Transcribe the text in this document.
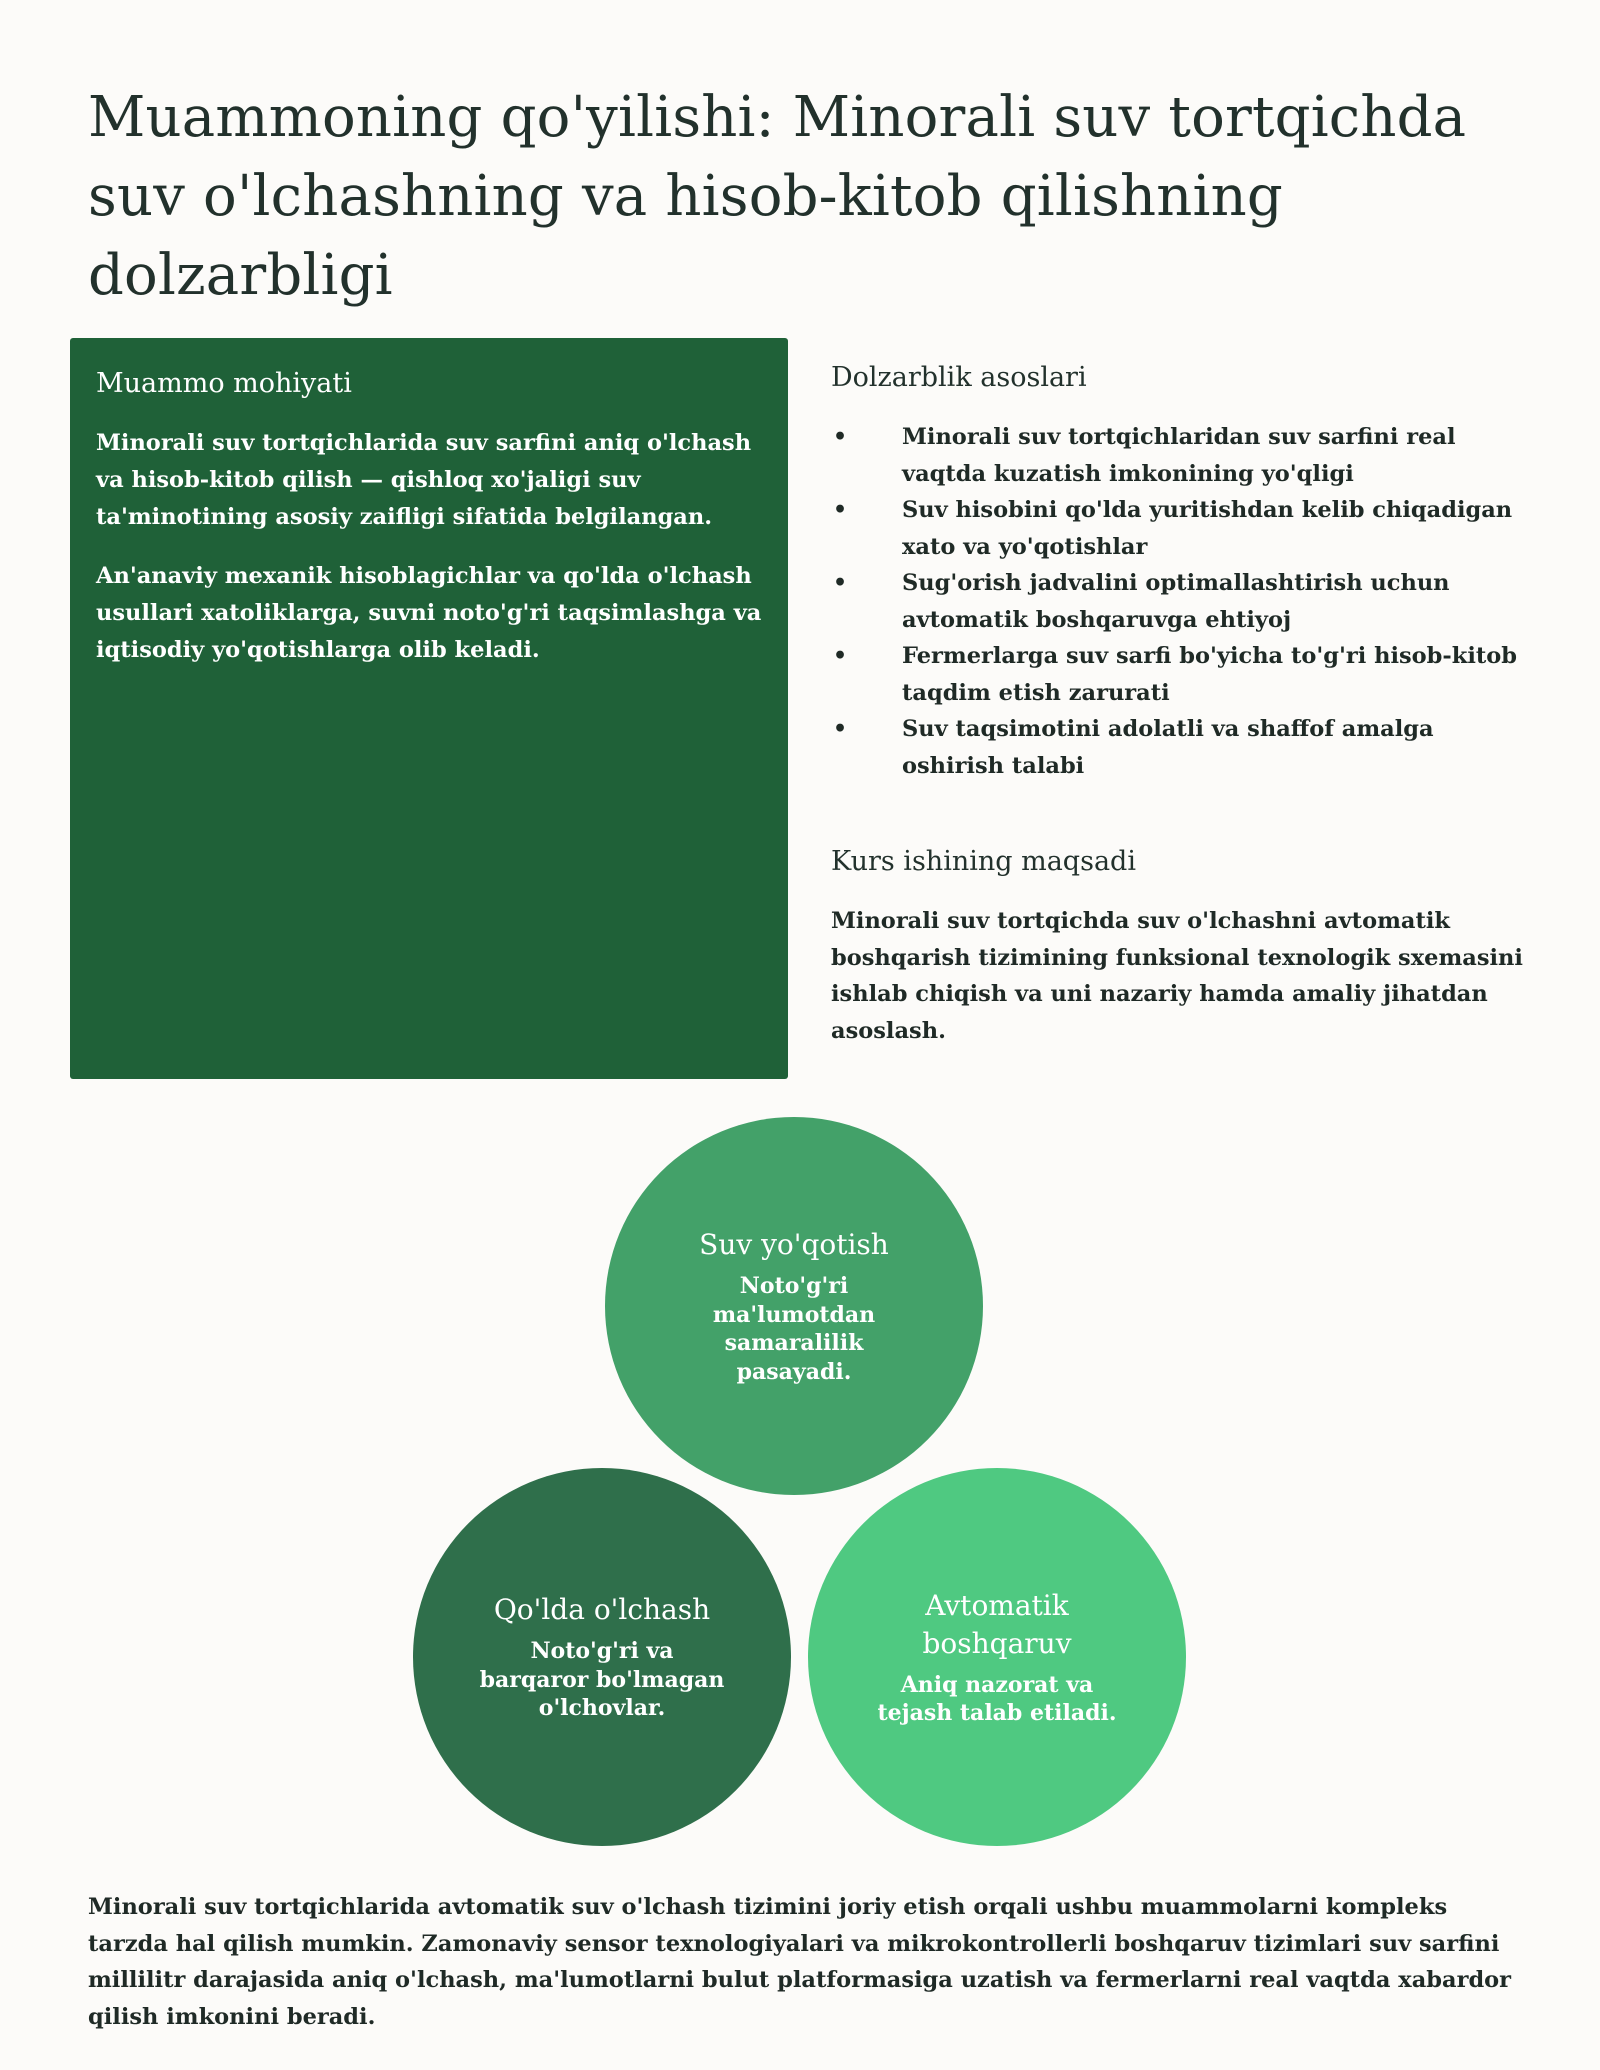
Muammoning qo'yilishi: Minorali suv tortqichda suv o'lchashning va hisob-kitob qilishning dolzarbligi
Muammo mohiyati

Minorali suv tortqichlarida suv sarfini aniq o'lchash va hisob-kitob qilish — qishloq xo'jaligi suv ta'minotining asosiy zaifligi sifatida belgilangan.

An'anaviy mexanik hisoblagichlar va qo'lda o'lchash usullari xatoliklarga, suvni noto'g'ri taqsimlashga va iqtisodiy yo'qotishlarga olib keladi.

Dolzarblik asoslari
• Minorali suv tortqichlaridan suv sarfini real vaqtda kuzatish imkonining yo'qligi
• Suv hisobini qo'lda yuritishdan kelib chiqadigan xato va yo'qotishlar
• Sug'orish jadvalini optimallashtirish uchun avtomatik boshqaruvga ehtiyoj
• Fermerlarga suv sarfi bo'yicha to'g'ri hisob-kitob taqdim etish zarurati
• Suv taqsimotini adolatli va shaffof amalga oshirish talabi
Kurs ishining maqsadi

Minorali suv tortqichda suv o'lchashni avtomatik boshqarish tizimining funksional texnologik sxemasini ishlab chiqish va uni nazariy hamda amaliy jihatdan asoslash.

Suv yo'qotish
Noto'g'ri ma'lumotdan samaralilik pasayadi.
Qo'lda o'lchash
Noto'g'ri va barqaror bo'lmagan o'lchovlar.
Avtomatik boshqaruv
Aniq nazorat va tejash talab etiladi.

Minorali suv tortqichlarida avtomatik suv o'lchash tizimini joriy etish orqali ushbu muammolarni kompleks tarzda hal qilish mumkin. Zamonaviy sensor texnologiyalari va mikrokontrollerli boshqaruv tizimlari suv sarfini millilitr darajasida aniq o'lchash, ma'lumotlarni bulut platformasiga uzatish va fermerlarni real vaqtda xabardor qilish imkonini beradi.
